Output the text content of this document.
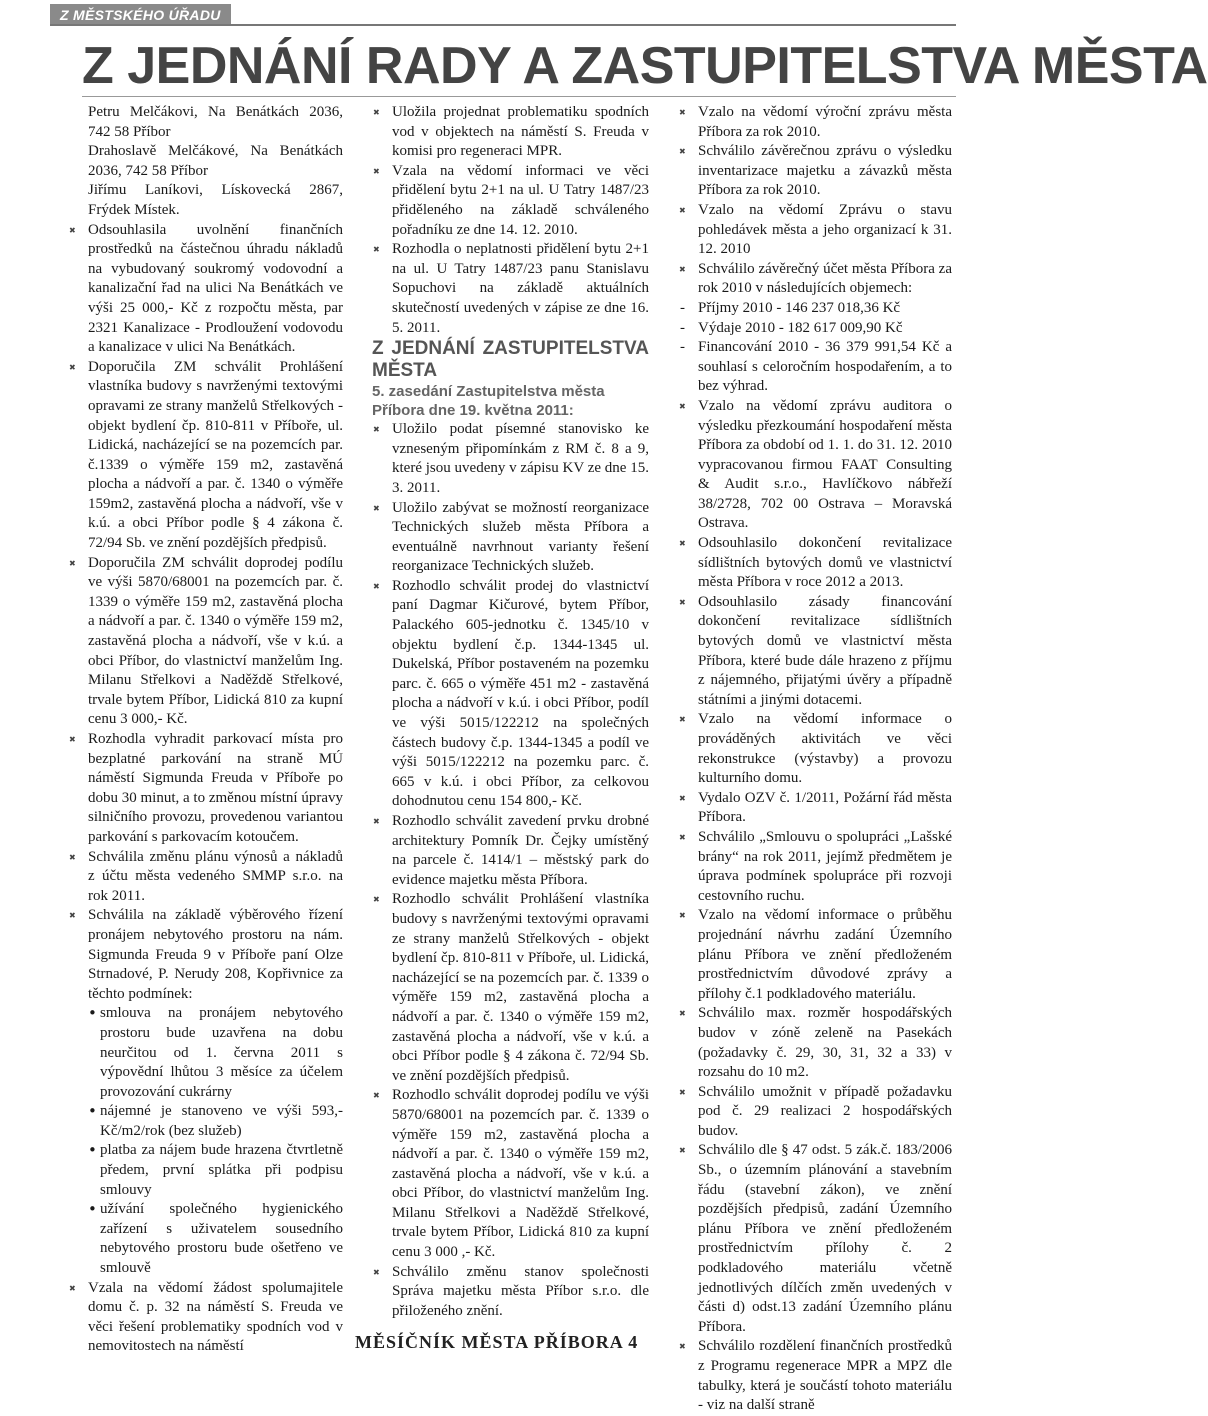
Z MĚSTSKÉHO ÚŘADU
Z JEDNÁNÍ RADY A ZASTUPITELSTVA MĚSTA

Petru Melčákovi, Na Benátkách 2036, 742 58 Příbor

Drahoslavě Melčákové, Na Benátkách 2036, 742 58 Příbor

Jiřímu Laníkovi, Lískovecká 2867, Frýdek Místek.

✖ Odsouhlasila uvolnění finančních prostředků na částečnou úhradu nákladů na vybudovaný soukromý vodovodní a kanalizační řad na ulici Na Benátkách ve výši 25 000,- Kč z rozpočtu města, par 2321 Kanalizace - Prodloužení vodovodu a kanalizace v ulici Na Benátkách.

✖ Doporučila ZM schválit Prohlášení vlastníka budovy s navrženými textovými opravami ze strany manželů Střelkových - objekt bydlení čp. 810-811 v Příboře, ul. Lidická, nacházející se na pozemcích par. č.1339 o výměře 159 m2, zastavěná plocha a nádvoří a par. č. 1340 o výměře 159m2, zastavěná plocha a nádvoří, vše v k.ú. a obci Příbor podle § 4 zákona č. 72/94 Sb. ve znění pozdějších předpisů.

✖ Doporučila ZM schválit doprodej podílu ve výši 5870/68001 na pozemcích par. č. 1339 o výměře 159 m2, zastavěná plocha a nádvoří a par. č. 1340 o výměře 159 m2, zastavěná plocha a nádvoří, vše v k.ú. a obci Příbor, do vlastnictví manželům Ing. Milanu Střelkovi a Naděždě Střelkové, trvale bytem Příbor, Lidická 810 za kupní cenu 3 000,- Kč.

✖ Rozhodla vyhradit parkovací místa pro bezplatné parkování na straně MÚ náměstí Sigmunda Freuda v Příboře po dobu 30 minut, a to změnou místní úpravy silničního provozu, provedenou variantou parkování s parkovacím kotoučem.

✖ Schválila změnu plánu výnosů a nákladů z účtu města vedeného SMMP s.r.o. na rok 2011.

✖ Schválila na základě výběrového řízení pronájem nebytového prostoru na nám. Sigmunda Freuda 9 v Příboře paní Olze Strnadové, P. Nerudy 208, Kopřivnice za těchto podmínek:

• smlouva na pronájem nebytového prostoru bude uzavřena na dobu neurčitou od 1. června 2011 s výpovědní lhůtou 3 měsíce za účelem provozování cukrárny

• nájemné je stanoveno ve výši 593,- Kč/m2/rok (bez služeb)

• platba za nájem bude hrazena čtvrtletně předem, první splátka při podpisu smlouvy

• užívání společného hygienického zařízení s uživatelem sousedního nebytového prostoru bude ošetřeno ve smlouvě

✖ Vzala na vědomí žádost spolumajitele domu č. p. 32 na náměstí S. Freuda ve věci řešení problematiky spodních vod v nemovitostech na náměstí

✖ Uložila projednat problematiku spodních vod v objektech na náměstí S. Freuda v komisi pro regeneraci MPR.

✖ Vzala na vědomí informaci ve věci přidělení bytu 2+1 na ul. U Tatry 1487/23 přiděleného na základě schváleného pořadníku ze dne 14. 12. 2010.

✖ Rozhodla o neplatnosti přidělení bytu 2+1 na ul. U Tatry 1487/23 panu Stanislavu Sopuchovi na základě aktuálních skutečností uvedených v zápise ze dne 16. 5. 2011.

Z JEDNÁNÍ ZASTUPITELSTVA MĚSTA

5. zasedání Zastupitelstva města

Příbora dne 19. května 2011:

✖ Uložilo podat písemné stanovisko ke vzneseným připomínkám z RM č. 8 a 9, které jsou uvedeny v zápisu KV ze dne 15. 3. 2011.

✖ Uložilo zabývat se možností reorganizace Technických služeb města Příbora a eventuálně navrhnout varianty řešení reorganizace Technických služeb.

✖ Rozhodlo schválit prodej do vlastnictví paní Dagmar Kičurové, bytem Příbor, Palackého 605-jednotku č. 1345/10 v objektu bydlení č.p. 1344-1345 ul. Dukelská, Příbor postaveném na pozemku parc. č. 665 o výměře 451 m2 - zastavěná plocha a nádvoří v k.ú. i obci Příbor, podíl ve výši 5015/122212 na společných částech budovy č.p. 1344-1345 a podíl ve výši 5015/122212 na pozemku parc. č. 665 v k.ú. i obci Příbor, za celkovou dohodnutou cenu 154 800,- Kč.

✖ Rozhodlo schválit zavedení prvku drobné architektury Pomník Dr. Čejky umístěný na parcele č. 1414/1 – městský park do evidence majetku města Příbora.

✖ Rozhodlo schválit Prohlášení vlastníka budovy s navrženými textovými opravami ze strany manželů Střelkových - objekt bydlení čp. 810-811 v Příboře, ul. Lidická, nacházející se na pozemcích par. č. 1339 o výměře 159 m2, zastavěná plocha a nádvoří a par. č. 1340 o výměře 159 m2, zastavěná plocha a nádvoří, vše v k.ú. a obci Příbor podle § 4 zákona č. 72/94 Sb. ve znění pozdějších předpisů.

✖ Rozhodlo schválit doprodej podílu ve výši 5870/68001 na pozemcích par. č. 1339 o výměře 159 m2, zastavěná plocha a nádvoří a par. č. 1340 o výměře 159 m2, zastavěná plocha a nádvoří, vše v k.ú. a obci Příbor, do vlastnictví manželům Ing. Milanu Střelkovi a Naděždě Střelkové, trvale bytem Příbor, Lidická 810 za kupní cenu 3 000 ,- Kč.

✖ Schválilo změnu stanov společnosti Správa majetku města Příbor s.r.o. dle přiloženého znění.

✖ Vzalo na vědomí výroční zprávu města Příbora za rok 2010.

✖ Schválilo závěrečnou zprávu o výsledku inventarizace majetku a závazků města Příbora za rok 2010.

✖ Vzalo na vědomí Zprávu o stavu pohledávek města a jeho organizací k 31. 12. 2010

✖ Schválilo závěrečný účet města Příbora za rok 2010 v následujících objemech:

- Příjmy 2010 - 146 237 018,36 Kč

- Výdaje 2010 - 182 617 009,90 Kč

- Financování 2010 - 36 379 991,54 Kč a souhlasí s celoročním hospodařením, a to bez výhrad.

✖ Vzalo na vědomí zprávu auditora o výsledku přezkoumání hospodaření města Příbora za období od 1. 1. do 31. 12. 2010 vypracovanou firmou FAAT Consulting & Audit s.r.o., Havlíčkovo nábřeží 38/2728, 702 00 Ostrava – Moravská Ostrava.

✖ Odsouhlasilo dokončení revitalizace sídlištních bytových domů ve vlastnictví města Příbora v roce 2012 a 2013.

✖ Odsouhlasilo zásady financování dokončení revitalizace sídlištních bytových domů ve vlastnictví města Příbora, které bude dále hrazeno z příjmu z nájemného, přijatými úvěry a případně státními a jinými dotacemi.

✖ Vzalo na vědomí informace o prováděných aktivitách ve věci rekonstrukce (výstavby) a provozu kulturního domu.

✖ Vydalo OZV č. 1/2011, Požární řád města Příbora.

✖ Schválilo „Smlouvu o spolupráci „Lašské brány“ na rok 2011, jejímž předmětem je úprava podmínek spolupráce při rozvoji cestovního ruchu.

✖ Vzalo na vědomí informace o průběhu projednání návrhu zadání Územního plánu Příbora ve znění předloženém prostřednictvím důvodové zprávy a přílohy č.1 podkladového materiálu.

✖ Schválilo max. rozměr hospodářských budov v zóně zeleně na Pasekách (požadavky č. 29, 30, 31, 32 a 33) v rozsahu do 10 m2.

✖ Schválilo umožnit v případě požadavku pod č. 29 realizaci 2 hospodářských budov.

✖ Schválilo dle § 47 odst. 5 zák.č. 183/2006 Sb., o územním plánování a stavebním řádu (stavební zákon), ve znění pozdějších předpisů, zadání Územního plánu Příbora ve znění předloženém prostřednictvím přílohy č. 2 podkladového materiálu včetně jednotlivých dílčích změn uvedených v části d) odst.13 zadání Územního plánu Příbora.

✖ Schválilo rozdělení finančních prostředků z Programu regenerace MPR a MPZ dle tabulky, která je součástí tohoto materiálu - viz na další straně

MĚSÍČNÍK MĚSTA PŘÍBORA 4
